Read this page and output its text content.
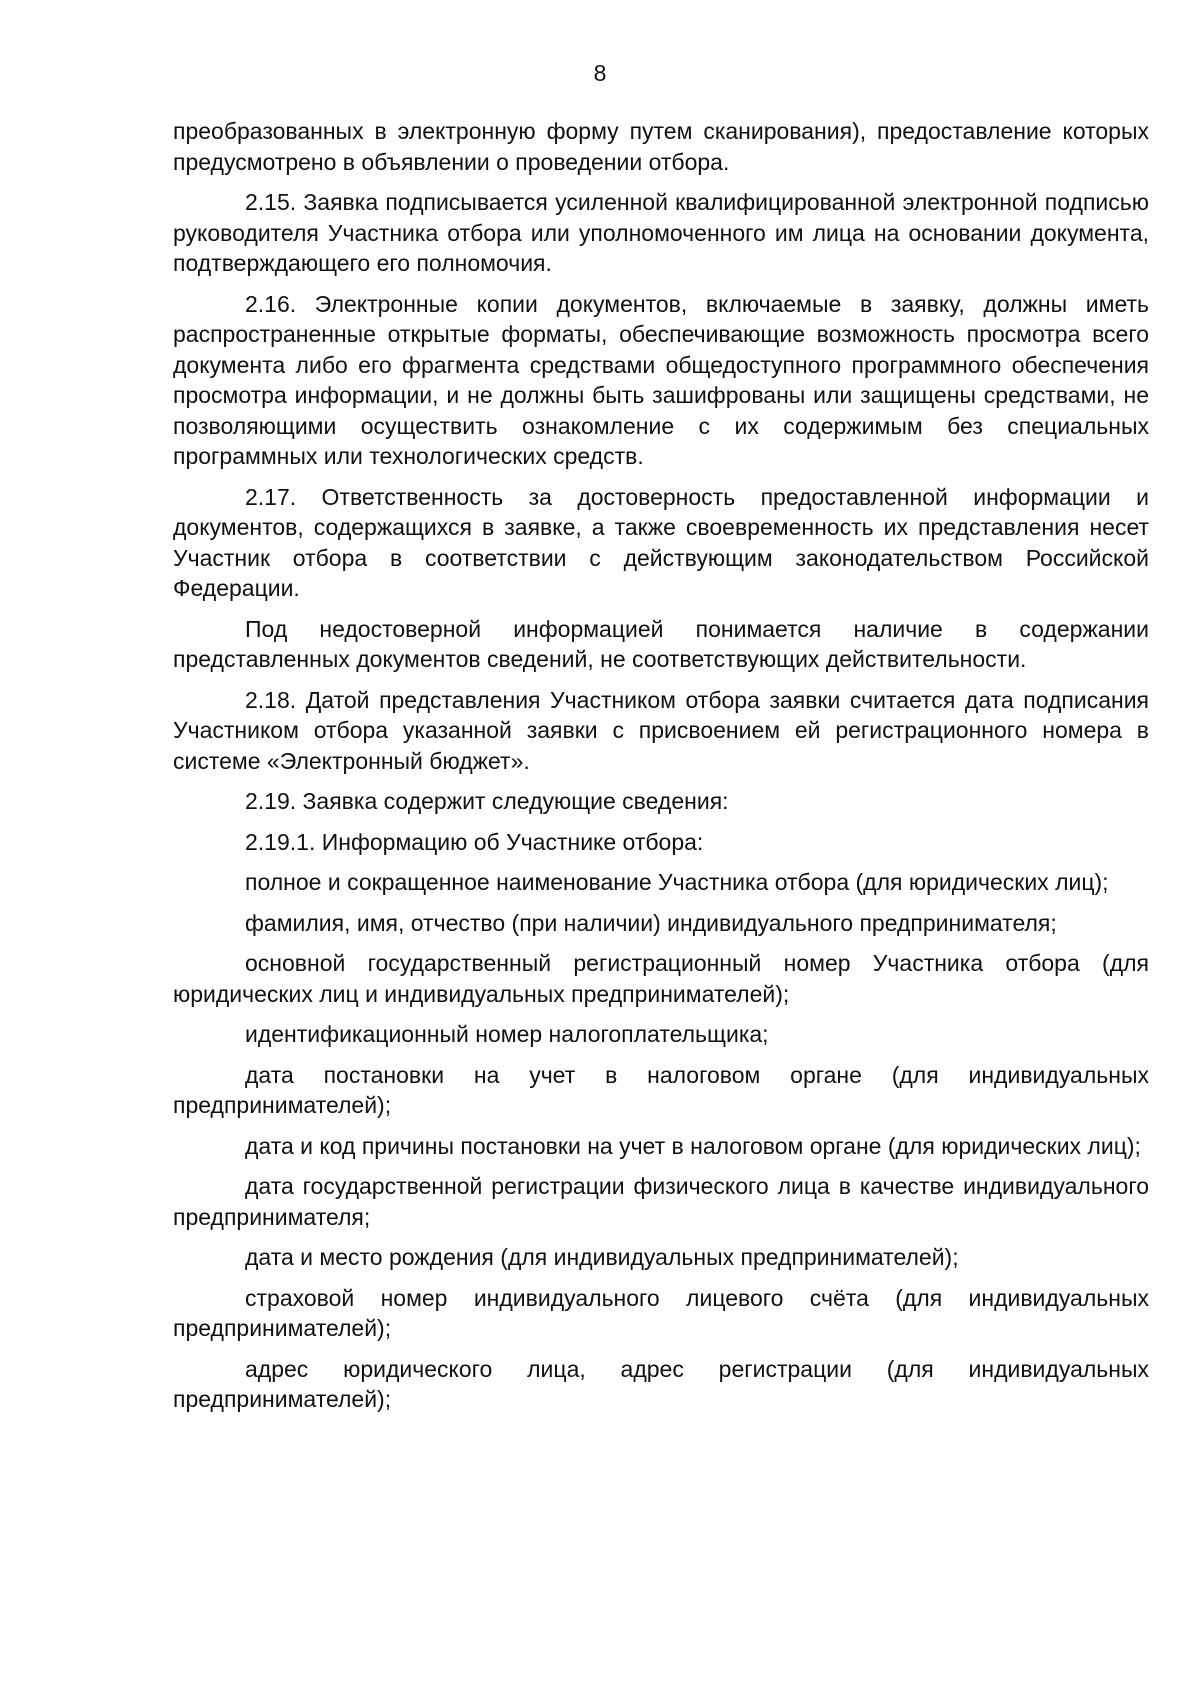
8

преобразованных в электронную форму путем сканирования), предоставление которых предусмотрено в объявлении о проведении отбора.

2.15. Заявка подписывается усиленной квалифицированной электронной подписью руководителя Участника отбора или уполномоченного им лица на основании документа, подтверждающего его полномочия.

2.16. Электронные копии документов, включаемые в заявку, должны иметь распространенные открытые форматы, обеспечивающие возможность просмотра всего документа либо его фрагмента средствами общедоступного программного обеспечения просмотра информации, и не должны быть зашифрованы или защищены средствами, не позволяющими осуществить ознакомление с их содержимым без специальных программных или технологических средств.

2.17. Ответственность за достоверность предоставленной информации и документов, содержащихся в заявке, а также своевременность их представления несет Участник отбора в соответствии с действующим законодательством Российской Федерации.

Под недостоверной информацией понимается наличие в содержании представленных документов сведений, не соответствующих действительности.

2.18. Датой представления Участником отбора заявки считается дата подписания Участником отбора указанной заявки с присвоением ей регистрационного номера в системе «Электронный бюджет».

2.19. Заявка содержит следующие сведения:

2.19.1. Информацию об Участнике отбора:

полное и сокращенное наименование Участника отбора (для юридических лиц);

фамилия, имя, отчество (при наличии) индивидуального предпринимателя;

основной государственный регистрационный номер Участника отбора (для юридических лиц и индивидуальных предпринимателей);

идентификационный номер налогоплательщика;

дата постановки на учет в налоговом органе (для индивидуальных предпринимателей);

дата и код причины постановки на учет в налоговом органе (для юридических лиц);

дата государственной регистрации физического лица в качестве индивидуального предпринимателя;

дата и место рождения (для индивидуальных предпринимателей);

страховой номер индивидуального лицевого счёта (для индивидуальных предпринимателей);

адрес юридического лица, адрес регистрации (для индивидуальных предпринимателей);
